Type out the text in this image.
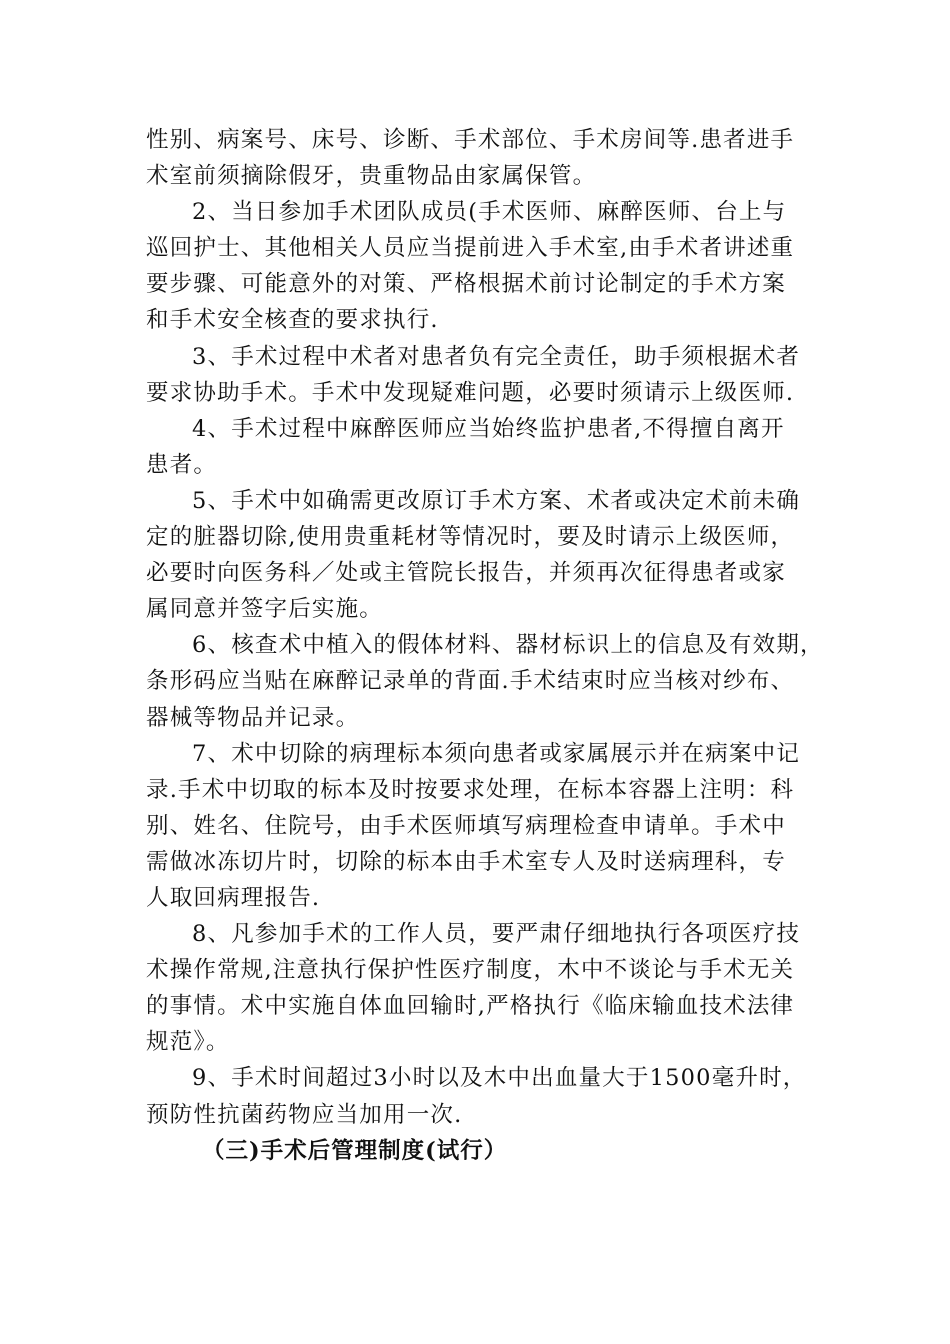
性别、病案号、床号、诊断、手术部位、手术房间等.患者进手
术室前须摘除假牙，贵重物品由家属保管。
2、当日参加手术团队成员(手术医师、麻醉医师、台上与
巡回护士、其他相关人员应当提前进入手术室,由手术者讲述重
要步骤、可能意外的对策、严格根据术前讨论制定的手术方案
和手术安全核查的要求执行.
3、手术过程中术者对患者负有完全责任，助手须根据术者
要求协助手术。手术中发现疑难问题，必要时须请示上级医师.
4、手术过程中麻醉医师应当始终监护患者,不得擅自离开
患者。
5、手术中如确需更改原订手术方案、术者或决定术前未确
定的脏器切除,使用贵重耗材等情况时，要及时请示上级医师，
必要时向医务科／处或主管院长报告，并须再次征得患者或家
属同意并签字后实施。
6、核查术中植入的假体材料、器材标识上的信息及有效期，
条形码应当贴在麻醉记录单的背面.手术结束时应当核对纱布、
器械等物品并记录。
7、术中切除的病理标本须向患者或家属展示并在病案中记
录.手术中切取的标本及时按要求处理，在标本容器上注明：科
别、姓名、住院号，由手术医师填写病理检查申请单。手术中
需做冰冻切片时，切除的标本由手术室专人及时送病理科，专
人取回病理报告.
8、凡参加手术的工作人员，要严肃仔细地执行各项医疗技
术操作常规,注意执行保护性医疗制度，木中不谈论与手术无关
的事情。术中实施自体血回输时,严格执行《临床输血技术法律
规范》。
9、手术时间超过3小时以及木中出血量大于1500毫升时，
预防性抗菌药物应当加用一次.
（三)手术后管理制度(试行）
